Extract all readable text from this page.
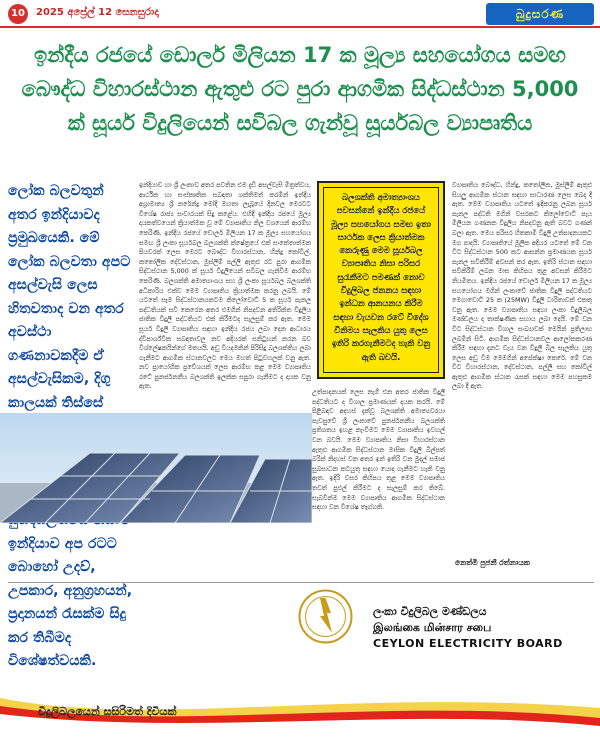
10	2025 අප්‍රේල් 12 සෙනසුරාදා	බුදුසරණ
ඉන්දීය රජයේ ඩොලර් මිලියන 17 ක මූල්‍ය සහයෝගය සමඟ බෞද්ධ විහාරස්ථාන ඇතුළු රට පුරා ආගමික සිද්ධස්ථාන 5,000 ක් සූර්ය විදුලියෙන් සවිබල ගැන්වූ සූර්යබල ව්‍යාපෘතිය

ලෝක බලවතුන් අතර ඉන්දියාවද ප්‍රමුඛයෙකි. මේ ලෝක බලවතා අපට අසල්වැසි ලෙස හිතවතාද වන අතර අවස්ථා ගණනාවකදීම ඒ අසල්වැසිකම, දිගු කාලයක් තිස්සේ ඉන්දියාව අප රටට බොහෝ උදව්, උපකාර, අනුග්‍රහයන්, ප්‍රදානයන් රැසක්ම සිදු කර තිබීමද විශේෂත්වයකි.

ඉන්දියාව හා ශ්‍රී ලංකාව අතර පවතින එම දැඩි අසල්වැසි මිත්‍රත්වය, ආර්ථික හා සංස්කෘතික සබඳතා ශක්තිමත් කරමින් ඉන්දීය අග්‍රාමාත්‍ය ශ්‍රී නරේන්ද්‍ර මෝදි මහතා ලැබූයේ දිනවල මෙරටට විශේෂ රාජ්‍ය සංචාරයක් සිදු කළේය. එහිදී ඉන්දීය රජයේ මූල්‍ය දායකත්වයෙන් ක්‍රියාත්මක වූ මේ ව්‍යාපෘතිය නිල වශයෙන් ආරම්භ කෙරිණි. ඉන්දීය රජයේ ඩොලර් මිලියන 17 ක මූල්‍ය සහයෝගය සමඟ ශ්‍රී ලංකා සූර්යබල බලශක්ති ක්ෂේත්‍රයේ එක් සංකේතාත්මක පියවරක් ලෙස මෙරට බෞද්ධ විහාරස්ථාන, හින්දු කෝවිල්, කතෝලික දේවස්ථාන, මුස්ලිම් පල්ලි ඇතුළු රට පුරා ආගමික සිද්ධස්ථාන 5,000 ක් සූර්ය විදුලියෙන් සවිබල ගැන්වීම ආරම්භ කෙරිණි. බලශක්ති අමාත්‍යාංශය සහ ශ්‍රී ලංකා සූර්යබල බලශක්ති අධිකාරිය එක්ව මෙම ව්‍යාපෘතිය ක්‍රියාත්මක කරනු ලබයි. මේ යටතේ සෑම සිද්ධස්ථානයකටම කිලෝවොට් 5 ක සූර්ය පැනල පද්ධතියක් සවි කෙරෙන අතර එමගින් නිපදවන අතිරික්ත විදුලිය ජාතික විදුලි පද්ධතියට එක් කිරීමටද සැලසුම් කර ඇත. මෙම සූර්ය විදුලි ව්‍යාපෘතිය සඳහා ඉන්දීය රජය ලබා දෙන ආධාරය ද්විපාර්ශ්වික සබඳතාවල නව අදියරක් සනිටුහන් කරන බව විශ්ලේෂකයින්ගේ මතයයි. අඩු වියදමකින් පිරිසිදු බලශක්තිය ලබා ගැනීමට ආගමික ස්ථානවලට මෙය මහත් පිටුවහලක් වනු ඇත. නව ප්‍රායෝගික ප්‍රවේශයක් ලෙස ආරම්භ කළ මෙම ව්‍යාපෘතිය රටේ පුනර්ජනනීය බලශක්ති ඉලක්ක සපුරා ගැනීමට ද දායක වනු ඇත.

බලශක්ති අමාත්‍යාංශය පවසන්නේ ඉන්දීය රජයේ මූල්‍ය සහයෝගය සමඟ ඉතා සාර්ථක ලෙස ක්‍රියාත්මක කෙරුණු මෙම සූර්යබල ව්‍යාපෘතිය නිසා පරිසර සුරැකීමට පමණක් නොව විදුලිබල ජනනය සඳහා ඉන්ධන ආනයනය කිරීම සඳහා වැයවන රටේ විදේශ විනිමය සැලකිය යුතු ලෙස ඉතිරි කරගැනීමටද හැකි වනු ඇති බවයි.

උත්පාදනයක් ලෙස නැගී එන අතර ජාතික විදුලි පද්ධතියට ද විශාල ප්‍රමාණයක් දායක කරයි. මේ පිළිබඳව අදහස් දැක්වූ බලශක්ති අමාත්‍යවරයා පැවසුවේ ශ්‍රී ලංකාවේ පුනර්ජනනීය බලශක්ති ප්‍රතිශතය ඉහළ නැංවීමට මෙම ව්‍යාපෘතිය ඉවහල් වන බවයි. මෙම ව්‍යාපෘතිය නිසා විහාරස්ථාන ඇතුළු ආගමික සිද්ධස්ථාන මාසික විදුලි බිල්පත් බරින් නිදහස් වන අතර ඉන් ඉතිරි වන මුදල් සමාජ සුබසාධන කටයුතු සඳහා යොදා ගැනීමට හැකි වනු ඇත. ඉදිරි වසර කිහිපය තුළ මෙම ව්‍යාපෘතිය තවත් පුළුල් කිරීමට ද සැලසුම් කර තිබේ. සැබවින්ම මෙම ව්‍යාපෘතිය ආගමික සිද්ධස්ථාන සඳහා වන විශේෂ තෑග්ගකි.

ව්‍යාපෘතිය බෞද්ධ, හින්දු, කතෝලික, මුස්ලිම් ඇතුළු සියලු ආගමික ස්ථාන සඳහා සාධාරණ ලෙස බෙදා දී ඇත. මෙම ව්‍යාපෘතිය යටතේ ඉදිකරනු ලබන සූර්ය පැනල පද්ධති මගින් වසරකට කිලෝවොට් පැය මිලියන ගණනක විදුලිය නිපදවනු ඇති බවට ගණන් බලා ඇත. මෙය පරිසර හිතකාමී විදුලි උත්පාදනයකට මග පාදයි. ව්‍යාපෘතියේ මූලික අදියර යටතේ මේ වන විට සිද්ධස්ථාන 500 කට ආසන්න ප්‍රමාණයක සූර්ය පැනල සවිකිරීම් අවසන් කර ඇත. ඉතිරි ස්ථාන සඳහා සවිකිරීම් ලබන මාස කිහිපය තුළ අවසන් කිරීමට නියමිතය. ඉන්දීය රජයේ ඩොලර් මිලියන 17 ක මූල්‍ය සහයෝගය මගින් ලංකාවේ ජාතික විදුලි පද්ධතියට මෙගාවොට් 25 ක (25MW) විදුලි ධාරිතාවක් එකතු වනු ඇත. මෙම ව්‍යාපෘතිය සඳහා ලංකා විදුලිබල මණ්ඩලය ද තාක්ෂණික සහාය ලබා දෙයි. මේ වන විට සිද්ධස්ථාන විශාල සංඛ්‍යාවක් මෙයින් ප්‍රතිලාභ ලබමින් සිටී. ආගමික සිද්ධස්ථානවල ආලෝකකරණ කිරීම සඳහා දැනට වැය වන විදුලි බිල සැලකිය යුතු ලෙස අඩු වීම මෙමගින් අපේක්ෂා කෙරේ. මේ වන විට විහාරස්ථාන, දේවස්ථාන, පල්ලි සහ කෝවිල් ඇතුළු ආගමික ස්ථාන රැසක් සඳහා මෙම පහසුකම ලබා දී ඇත.

නෙත්මි පුජනී රත්නායක
ලංකා විදුලිබල මණ්ඩලය
இலங்கை மின்சார சபை
CEYLON ELECTRICITY BOARD
විදුලිබලයෙන් සසිරිමත් දිවියක්
